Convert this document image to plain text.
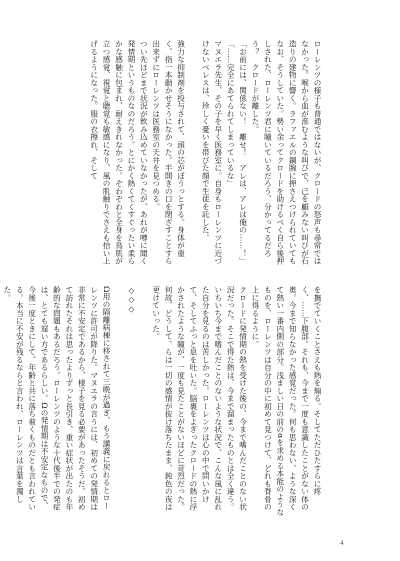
ローレンツの様子も普通ではないが、クロードの怒声も尋常ではなかった。喉から血が滲むような叫びで、己を顧みない叫びが石造りの建物に響く。ラファエルの鋼腕に押さえつけられていてもなお、そうしていた。勢い余ってクロードを助けるべく自ら後押しされた、ローレンツ君に瞳いているだろう、分かってるだろう？　クロードが離した。
「お前には、関係ない！　離せ！　アレは、アレは俺の……！」
「……完全にあてられてしまっているな」
マヌエラ先生、その子を早く医務室に。自身もローレンツに近づけないベレスは、珍しく憂いを帯びた顔で生徒を託した。

強力な抑制剤を投与されて、頭の芯がぼうっとする。身体が重く、指一本動かせそうになかった。半開きの口を閉ざすことすら出来ずにローレンツは医務室の天井を見つめる。
つい先ほどまで状況が飲み込めていなかったが、あれが噂に聞く発情期というものなのだろう。とにかく熱くてくすぐったい柔らかな感触に包まれ、耐えきれなかった。ぞわぞわと全身を鳥肌が立つ感覚、視覚と聴覚も敏感になり、風の肌触りでさえも拾い上げるようになった。服の衣擦れ、そして
を撫でていくことさえも熱を煽る。そしてただひたすらに疼く、……下腹部。それも、今まで一度も意識したことがない体の奥。今まで知らなかった感覚だった。何も思わない、ような深くて熱い一番内側の部分。浅ましい日の前のαを求める本能のようなものを、ローレンツは自分の中に初めて見つけて、どれも脊骨の上に得るように。
クロードに発情期の熱を受けた後の、今まで嗜んだことのない状況だった。そこで得た熱は、今まで溜まったものとは全く違う。
いちいち今まで嗜んだことのないような状況で、こんな風に乱れた自分を見るのは苦しかった。ローレンツは心の中で問いかけて、そしてふっと息を吐いた。脳裏をよぎったクロードの熱に浮かされたような瞳が、一度も見たことがないほどに苛烈だった。何故、どうして。らは一切の感情が抜け落ちたまま、鈍色の夜は更けていった。

◇◇◇

Ω用の隔離病棟に移されて三晩が過ぎ、もう講義に戻れるとローレンツに許可が降りた。マヌエラの言うには、初めての発情期は非常に不安定であるから、様子を見る必要があったそうだ。初めて訪れたそれは思ったよりずっと長引き、重い症状が出たのも年齢的な問題もあるだろう。ローレンツのような十代後半での発症は、とても遅い方であるらしい。Ωの発情期は不安定なもので、今後一度ときにして、年齢と共に落ち着くものだとも言われている。本当に不安が残るならと言われ、ローレンツは言葉を濁した。

4
